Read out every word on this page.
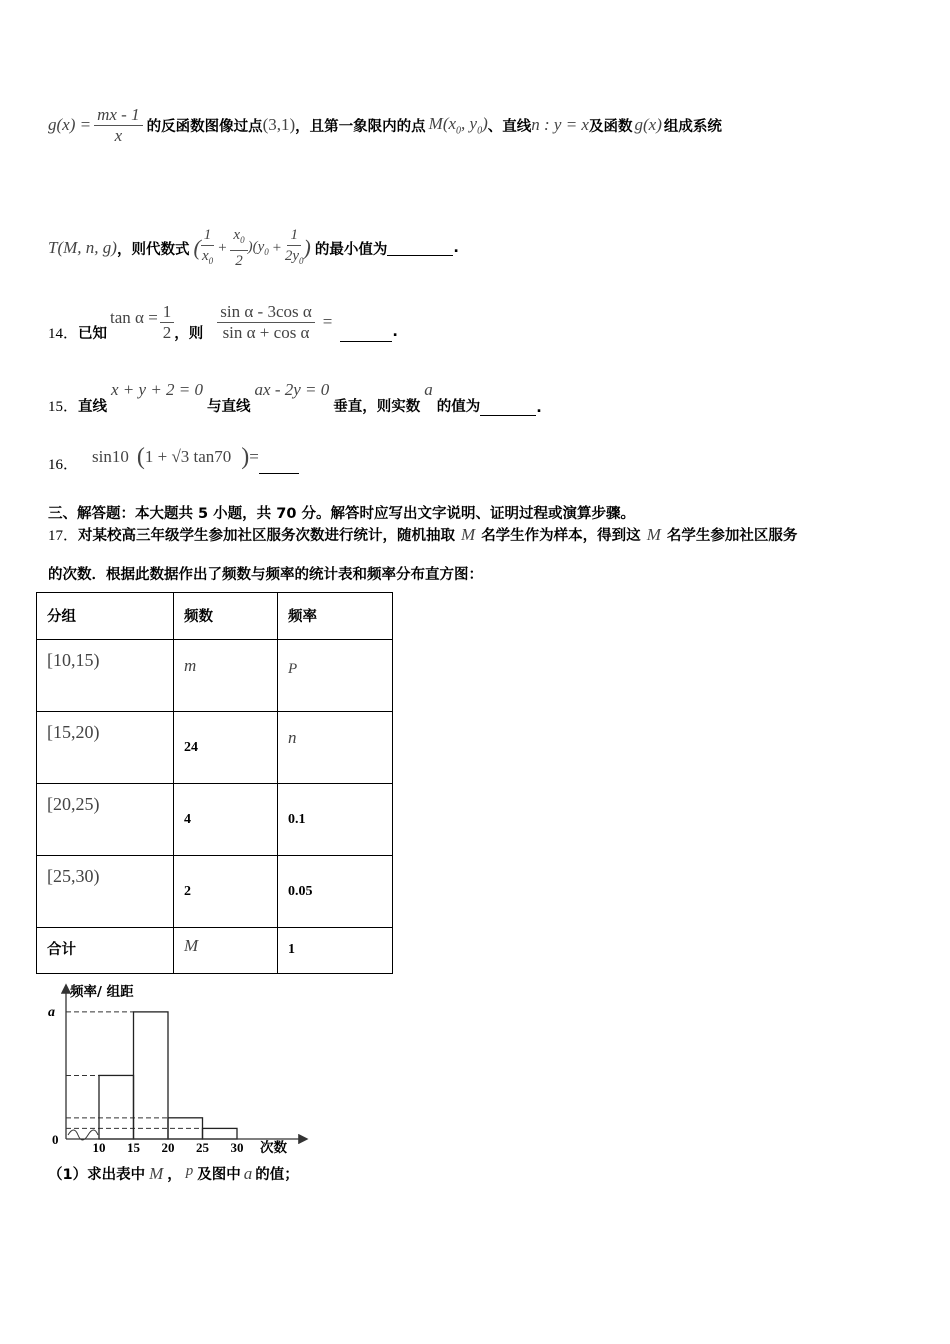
$g(x) = \frac{mx - 1}{x}$ 的反函数图像过点 (3,1) ，且第一象限内的点 $M(x_0$, $y_0$) 、直线 n : y = x 及函数 g(x) 组成系统
T(M, n, g) ，则代数式 ( $\frac{1}{x_0} + \frac{x_0}{2} )(y_0 + \frac{1}{2y_0}$ ) 的最小值为	.
14． 已知
$\tan \alpha = \frac{1}{2}$ ，则 $\frac{\text{sin α - 3cos α}}{\text{sin α + cos α}}$ =
.
15． 直线
x + y + 2 = 0
与直线
ax - 2y = 0
垂直，则实数
a
的值为	.
16． sin10 ( 1 + √3 tan70 ) =
三、解答题：本大题共 5 小题，共 70 分。解答时应写出文字说明、证明过程或演算步骤。
17． 对某校高三年级学生参加社区服务次数进行统计，随机抽取 M 名学生作为样本，得到这 M 名学生参加社区服务
的次数．根据此数据作出了频数与频率的统计表和频率分布直方图：
分组	频数	频率
[10,15)	m	P
[15,20)	24	n
[20,25)	4	0.1
[25,30)	2	0.05
合计	M	1
10 15 20 25 30
0
a
频率/ 组距
次数
（1） 求出表中 M ， p 及图中 a 的值；
